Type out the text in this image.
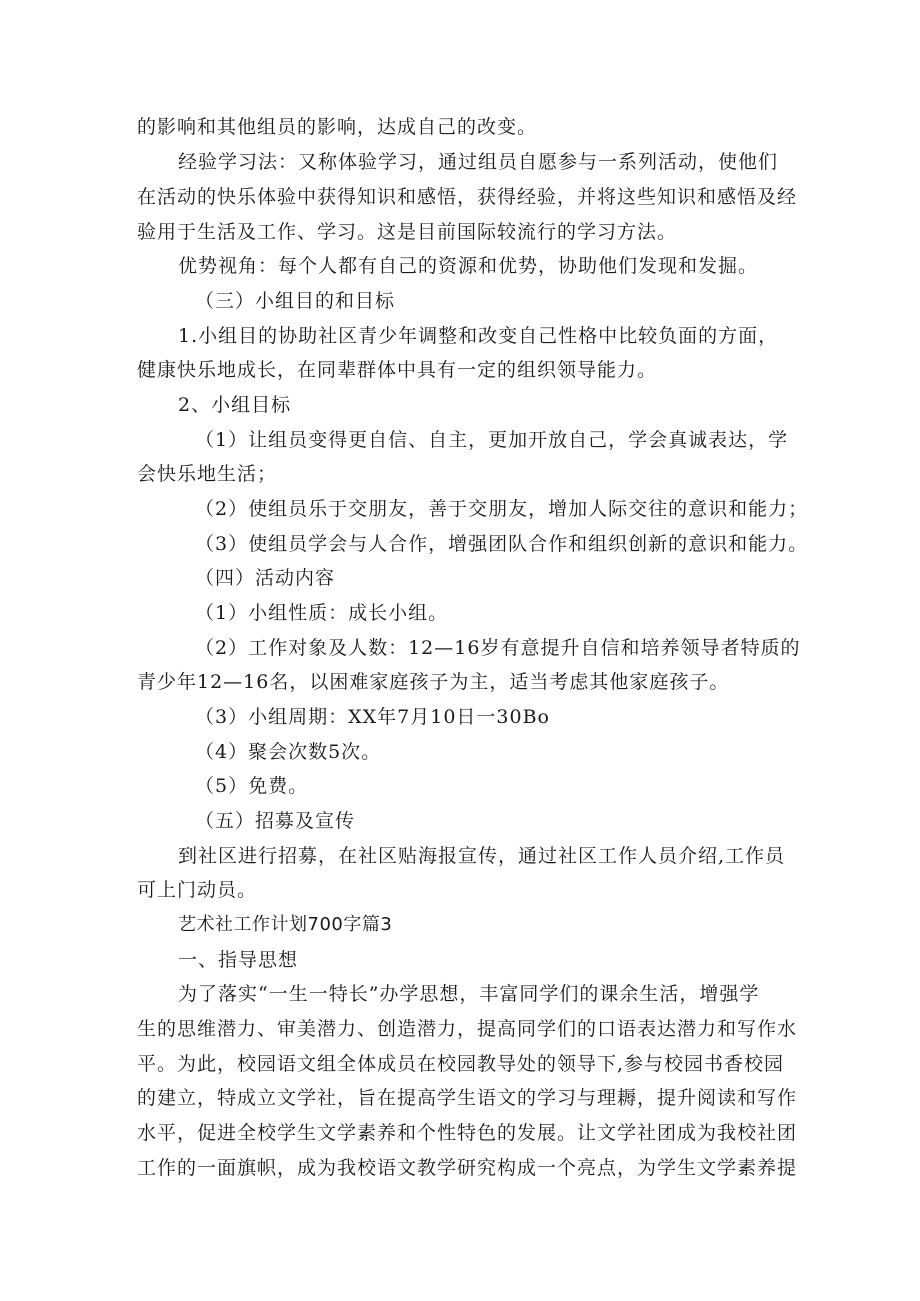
的影响和其他组员的影响，达成自己的改变。
经验学习法：又称体验学习，通过组员自愿参与一系列活动，使他们
在活动的快乐体验中获得知识和感悟，获得经验，并将这些知识和感悟及经
验用于生活及工作、学习。这是目前国际较流行的学习方法。
优势视角：每个人都有自己的资源和优势，协助他们发现和发掘。
（三）小组目的和目标
1.小组目的协助社区青少年调整和改变自己性格中比较负面的方面，
健康快乐地成长，在同辈群体中具有一定的组织领导能力。
2、小组目标
（1）让组员变得更自信、自主，更加开放自己，学会真诚表达，学
会快乐地生活；
（2）使组员乐于交朋友，善于交朋友，增加人际交往的意识和能力；
（3）使组员学会与人合作，增强团队合作和组织创新的意识和能力。
（四）活动内容
（1）小组性质：成长小组。
（2）工作对象及人数：12—16岁有意提升自信和培养领导者特质的
青少年12—16名，以困难家庭孩子为主，适当考虑其他家庭孩子。
（3）小组周期：XX年7月10日一30Bo
（4）聚会次数5次。
（5）免费。
（五）招募及宣传
到社区进行招募，在社区贴海报宣传，通过社区工作人员介绍,工作员
可上门动员。
艺术社工作计划700字篇3
一、指导思想
为了落实“一生一特长”办学思想，丰富同学们的课余生活，增强学
生的思维潜力、审美潜力、创造潜力，提高同学们的口语表达潜力和写作水
平。为此，校园语文组全体成员在校园教导处的领导下,参与校园书香校园
的建立，特成立文学社，旨在提高学生语文的学习与理耨，提升阅读和写作
水平，促进全校学生文学素养和个性特色的发展。让文学社团成为我校社团
工作的一面旗帜，成为我校语文教学研究构成一个亮点，为学生文学素养提
